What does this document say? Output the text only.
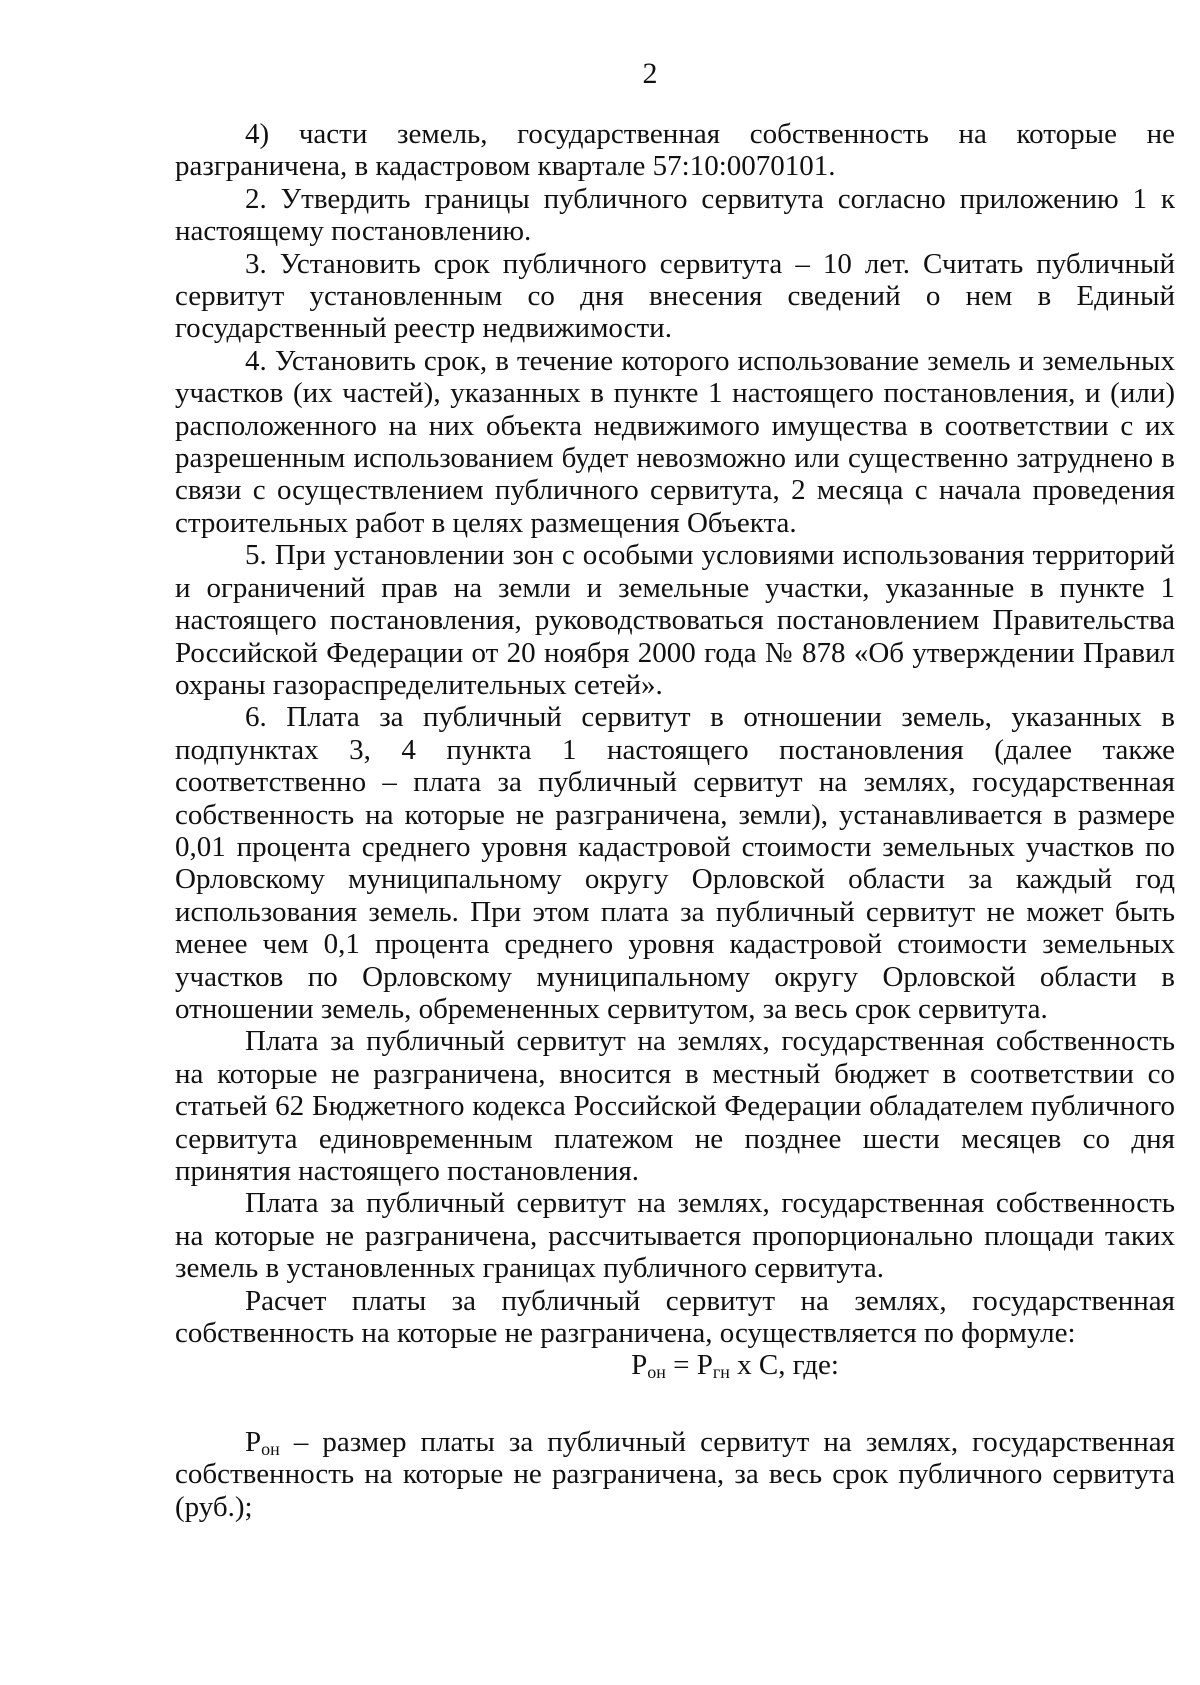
2

4) части земель, государственная собственность на которые не разграничена, в кадастровом квартале 57:10:0070101.

2. Утвердить границы публичного сервитута согласно приложению 1 к настоящему постановлению.

3. Установить срок публичного сервитута – 10 лет. Считать публичный сервитут установленным со дня внесения сведений о нем в Единый государственный реестр недвижимости.

4. Установить срок, в течение которого использование земель и земельных участков (их частей), указанных в пункте 1 настоящего постановления, и (или) расположенного на них объекта недвижимого имущества в соответствии с их разрешенным использованием будет невозможно или существенно затруднено в связи с осуществлением публичного сервитута, 2 месяца с начала проведения строительных работ в целях размещения Объекта.

5. При установлении зон с особыми условиями использования территорий и ограничений прав на земли и земельные участки, указанные в пункте 1 настоящего постановления, руководствоваться постановлением Правительства Российской Федерации от 20 ноября 2000 года № 878 «Об утверждении Правил охраны газораспределительных сетей».

6. Плата за публичный сервитут в отношении земель, указанных в подпунктах 3, 4 пункта 1 настоящего постановления (далее также соответственно – плата за публичный сервитут на землях, государственная собственность на которые не разграничена, земли), устанавливается в размере 0,01 процента среднего уровня кадастровой стоимости земельных участков по Орловскому муниципальному округу Орловской области за каждый год использования земель. При этом плата за публичный сервитут не может быть менее чем 0,1 процента среднего уровня кадастровой стоимости земельных участков по Орловскому муниципальному округу Орловской области в отношении земель, обремененных сервитутом, за весь срок сервитута.

Плата за публичный сервитут на землях, государственная собственность на которые не разграничена, вносится в местный бюджет в соответствии со статьей 62 Бюджетного кодекса Российской Федерации обладателем публичного сервитута единовременным платежом не позднее шести месяцев со дня принятия настоящего постановления.

Плата за публичный сервитут на землях, государственная собственность на которые не разграничена, рассчитывается пропорционально площади таких земель в установленных границах публичного сервитута.

Расчет платы за публичный сервитут на землях, государственная собственность на которые не разграничена, осуществляется по формуле:

$P_{он} = P_{гн}$ х С, где:

$P_{он}$ – размер платы за публичный сервитут на землях, государственная собственность на которые не разграничена, за весь срок публичного сервитута (руб.);
